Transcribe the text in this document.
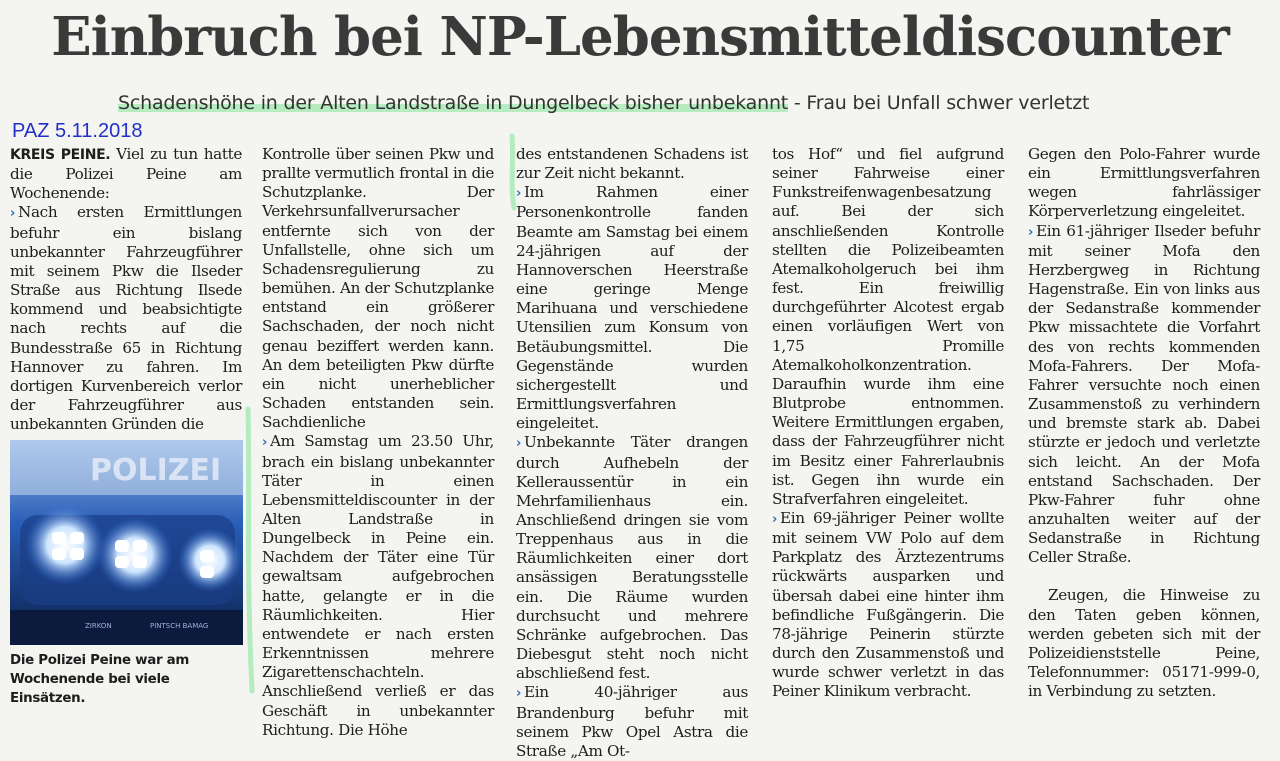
Einbruch bei NP-Lebensmitteldiscounter
Schadenshöhe in der Alten Landstraße in Dungelbeck bisher unbekannt - Frau bei Unfall schwer verletzt
PAZ 5.11.2018

KREIS PEINE. Viel zu tun hatte die Polizei Peine am Wochenende:

› Nach ersten Ermittlungen befuhr ein bislang unbekannter Fahrzeugführer mit seinem Pkw die Ilseder Straße aus Richtung Ilsede kommend und beabsichtigte nach rechts auf die Bundesstraße 65 in Richtung Hannover zu fahren. Im dortigen Kurvenbereich verlor der Fahrzeugführer aus unbekannten Gründen die

POLIZEI
ZIRKON	PINTSCH BAMAG
Die Polizei Peine war am Wochenende bei viele Einsätzen.

Kontrolle über seinen Pkw und prallte vermutlich frontal in die Schutzplanke. Der Verkehrsunfallverursacher entfernte sich von der Unfallstelle, ohne sich um Schadensregulierung zu bemühen. An der Schutzplanke entstand ein größerer Sachschaden, der noch nicht genau beziffert werden kann. An dem beteiligten Pkw dürfte ein nicht unerheblicher Schaden entstanden sein. Sachdienliche

› Am Samstag um 23.50 Uhr, brach ein bislang unbekannter Täter in einen Lebensmitteldiscounter in der Alten Landstraße in Dungelbeck in Peine ein. Nachdem der Täter eine Tür gewaltsam aufgebrochen hatte, gelangte er in die Räumlichkeiten. Hier entwendete er nach ersten Erkenntnissen mehrere Zigarettenschachteln. Anschließend verließ er das Geschäft in unbekannter Richtung. Die Höhe

des entstandenen Schadens ist zur Zeit nicht bekannt.

› Im Rahmen einer Personenkontrolle fanden Beamte am Samstag bei einem 24-jährigen auf der Hannoverschen Heerstraße eine geringe Menge Marihuana und verschiedene Utensilien zum Konsum von Betäubungsmittel. Die Gegenstände wurden sichergestellt und Ermittlungsverfahren eingeleitet.

› Unbekannte Täter drangen durch Aufhebeln der Kelleraussentür in ein Mehrfamilienhaus ein. Anschließend dringen sie vom Treppenhaus aus in die Räumlichkeiten einer dort ansässigen Beratungsstelle ein. Die Räume wurden durchsucht und mehrere Schränke aufgebrochen. Das Diebesgut steht noch nicht abschließend fest.

› Ein 40-jähriger aus Brandenburg befuhr mit seinem Pkw Opel Astra die Straße „Am Ot-

tos Hof“ und fiel aufgrund seiner Fahrweise einer Funkstreifenwagenbesatzung auf. Bei der sich anschließenden Kontrolle stellten die Polizeibeamten Atemalkoholgeruch bei ihm fest. Ein freiwillig durchgeführter Alcotest ergab einen vorläufigen Wert von 1,75 Promille Atemalkoholkonzentration. Daraufhin wurde ihm eine Blutprobe entnommen. Weitere Ermittlungen ergaben, dass der Fahrzeugführer nicht im Besitz einer Fahrerlaubnis ist. Gegen ihn wurde ein Strafverfahren eingeleitet.

› Ein 69-jähriger Peiner wollte mit seinem VW Polo auf dem Parkplatz des Ärztezentrums rückwärts ausparken und übersah dabei eine hinter ihm befindliche Fußgängerin. Die 78-jährige Peinerin stürzte durch den Zusammenstoß und wurde schwer verletzt in das Peiner Klinikum verbracht.

Gegen den Polo-Fahrer wurde ein Ermittlungsverfahren wegen fahrlässiger Körperverletzung eingeleitet.

› Ein 61-jähriger Ilseder befuhr mit seiner Mofa den Herzbergweg in Richtung Hagenstraße. Ein von links aus der Sedanstraße kommender Pkw missachtete die Vorfahrt des von rechts kommenden Mofa-Fahrers. Der Mofa-Fahrer versuchte noch einen Zusammenstoß zu verhindern und bremste stark ab. Dabei stürzte er jedoch und verletzte sich leicht. An der Mofa entstand Sachschaden. Der Pkw-Fahrer fuhr ohne anzuhalten weiter auf der Sedanstraße in Richtung Celler Straße.

Zeugen, die Hinweise zu den Taten geben können, werden gebeten sich mit der Polizeidienststelle Peine, Telefonnummer: 05171-999-0, in Verbindung zu setzten.
